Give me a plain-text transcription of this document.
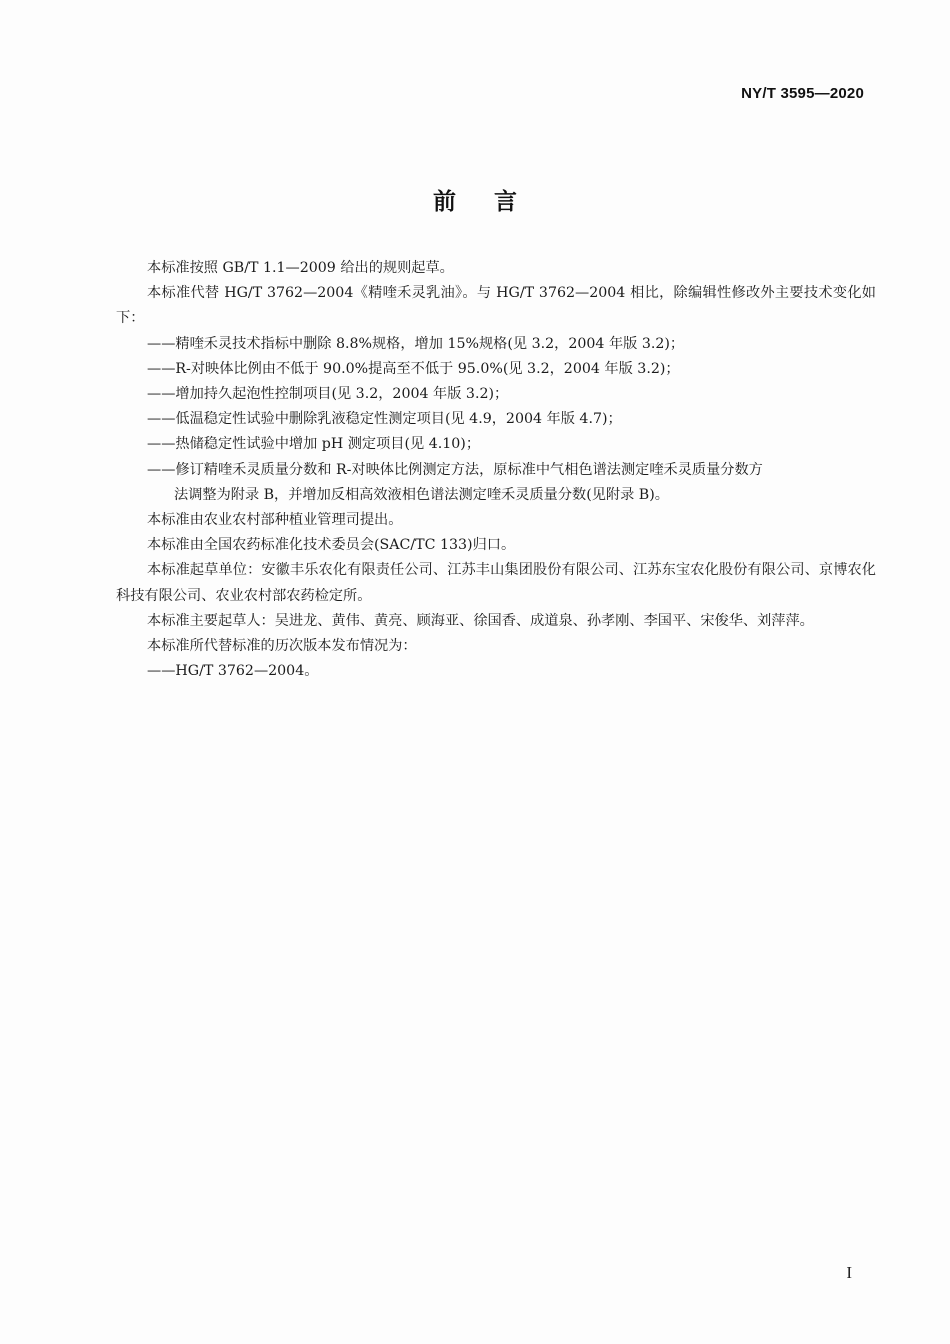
NY/T 3595—2020
前言

本标准按照 GB/T 1.1—2009 给出的规则起草。

本标准代替 HG/T 3762—2004《精喹禾灵乳油》。与 HG/T 3762—2004 相比，除编辑性修改外主要技术变化如下：

——精喹禾灵技术指标中删除 8.8%规格，增加 15%规格(见 3.2，2004 年版 3.2)；

——R-对映体比例由不低于 90.0%提高至不低于 95.0%(见 3.2，2004 年版 3.2)；

——增加持久起泡性控制项目(见 3.2，2004 年版 3.2)；

——低温稳定性试验中删除乳液稳定性测定项目(见 4.9，2004 年版 4.7)；

——热储稳定性试验中增加 pH 测定项目(见 4.10)；

——修订精喹禾灵质量分数和 R-对映体比例测定方法，原标准中气相色谱法测定喹禾灵质量分数方

法调整为附录 B，并增加反相高效液相色谱法测定喹禾灵质量分数(见附录 B)。

本标准由农业农村部种植业管理司提出。

本标准由全国农药标准化技术委员会(SAC/TC 133)归口。

本标准起草单位：安徽丰乐农化有限责任公司、江苏丰山集团股份有限公司、江苏东宝农化股份有限公司、京博农化科技有限公司、农业农村部农药检定所。

本标准主要起草人：吴进龙、黄伟、黄亮、顾海亚、徐国香、成道泉、孙孝刚、李国平、宋俊华、刘萍萍。

本标准所代替标准的历次版本发布情况为：

——HG/T 3762—2004。

I
